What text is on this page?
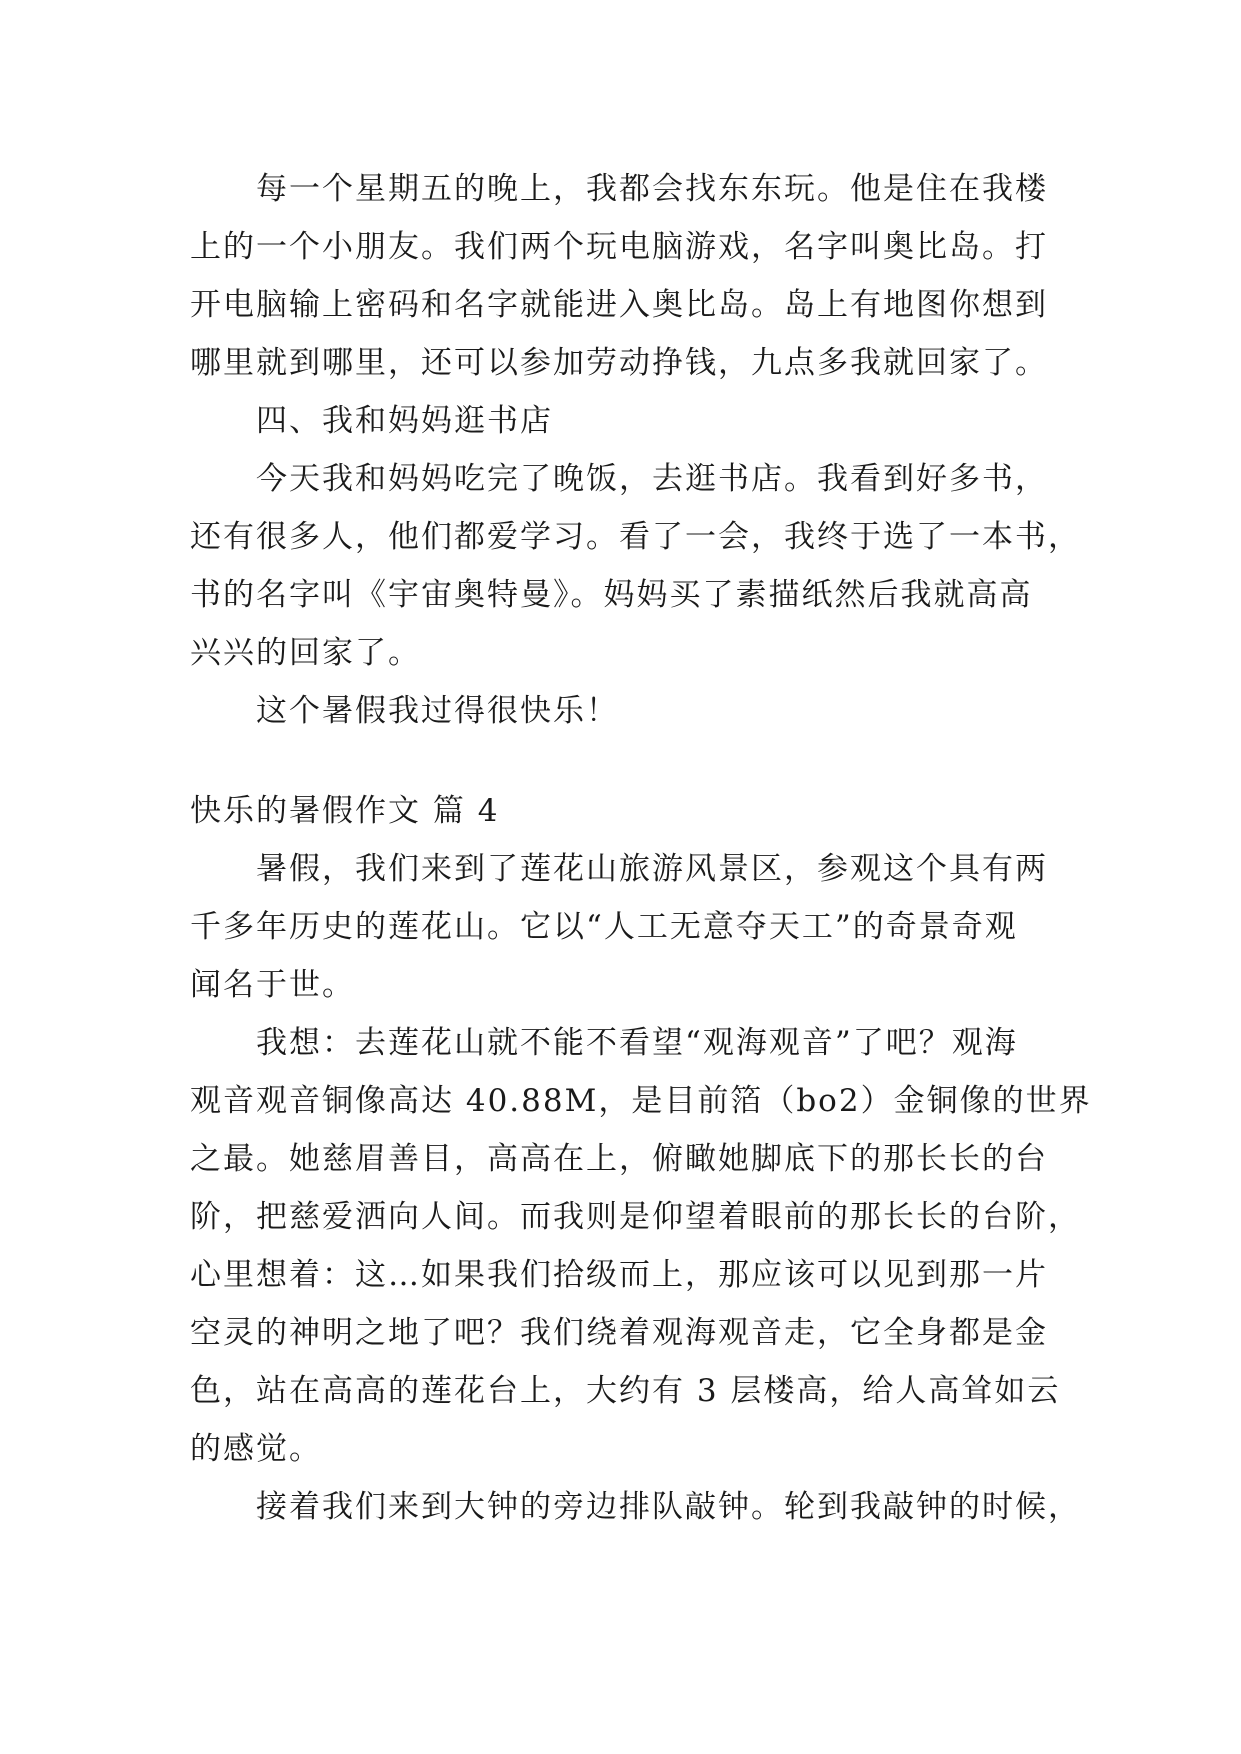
每一个星期五的晚上，我都会找东东玩。他是住在我楼
上的一个小朋友。我们两个玩电脑游戏，名字叫奥比岛。打
开电脑输上密码和名字就能进入奥比岛。岛上有地图你想到
哪里就到哪里，还可以参加劳动挣钱，九点多我就回家了。
四、我和妈妈逛书店
今天我和妈妈吃完了晚饭，去逛书店。我看到好多书，
还有很多人，他们都爱学习。看了一会，我终于选了一本书，
书的名字叫《宇宙奥特曼》。妈妈买了素描纸然后我就高高
兴兴的回家了。
这个暑假我过得很快乐！
快乐的暑假作文 篇 4
暑假，我们来到了莲花山旅游风景区，参观这个具有两
千多年历史的莲花山。它以“人工无意夺天工”的奇景奇观
闻名于世。
我想：去莲花山就不能不看望“观海观音”了吧？观海
观音观音铜像高达 40.88M，是目前箔（bo2）金铜像的世界
之最。她慈眉善目，高高在上，俯瞰她脚底下的那长长的台
阶，把慈爱洒向人间。而我则是仰望着眼前的那长长的台阶，
心里想着：这…如果我们拾级而上，那应该可以见到那一片
空灵的神明之地了吧？我们绕着观海观音走，它全身都是金
色，站在高高的莲花台上，大约有 3 层楼高，给人高耸如云
的感觉。
接着我们来到大钟的旁边排队敲钟。轮到我敲钟的时候，
